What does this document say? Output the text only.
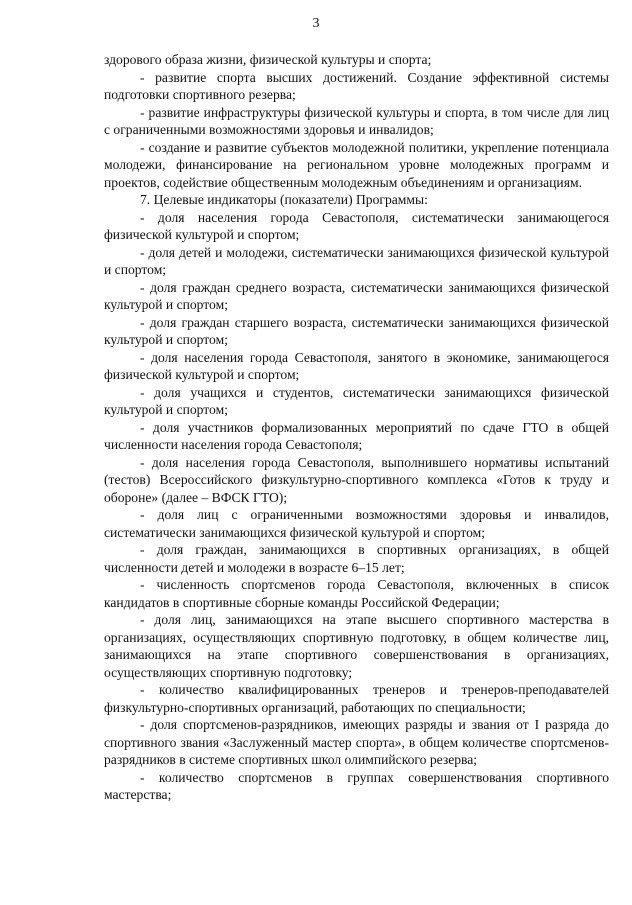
3

здорового образа жизни, физической культуры и спорта;

- развитие спорта высших достижений. Создание эффективной системы подготовки спортивного резерва;

- развитие инфраструктуры физической культуры и спорта, в том числе для лиц с ограниченными возможностями здоровья и инвалидов;

- создание и развитие субъектов молодежной политики, укрепление потенциала молодежи, финансирование на региональном уровне молодежных программ и проектов, содействие общественным молодежным объединениям и организациям.

7. Целевые индикаторы (показатели) Программы:

- доля населения города Севастополя, систематически занимающегося физической культурой и спортом;

- доля детей и молодежи, систематически занимающихся физической культурой и спортом;

- доля граждан среднего возраста, систематически занимающихся физической культурой и спортом;

- доля граждан старшего возраста, систематически занимающихся физической культурой и спортом;

- доля населения города Севастополя, занятого в экономике, занимающегося физической культурой и спортом;

- доля учащихся и студентов, систематически занимающихся физической культурой и спортом;

- доля участников формализованных мероприятий по сдаче ГТО в общей численности населения города Севастополя;

- доля населения города Севастополя, выполнившего нормативы испытаний (тестов) Всероссийского физкультурно-спортивного комплекса «Готов к труду и обороне» (далее – ВФСК ГТО);

- доля лиц с ограниченными возможностями здоровья и инвалидов, систематически занимающихся физической культурой и спортом;

- доля граждан, занимающихся в спортивных организациях, в общей численности детей и молодежи в возрасте 6–15 лет;

- численность спортсменов города Севастополя, включенных в список кандидатов в спортивные сборные команды Российской Федерации;

- доля лиц, занимающихся на этапе высшего спортивного мастерства в организациях, осуществляющих спортивную подготовку, в общем количестве лиц, занимающихся на этапе спортивного совершенствования в организациях, осуществляющих спортивную подготовку;

- количество квалифицированных тренеров и тренеров-преподавателей физкультурно-спортивных организаций, работающих по специальности;

- доля спортсменов-разрядников, имеющих разряды и звания от I разряда до спортивного звания «Заслуженный мастер спорта», в общем количестве спортсменов-разрядников в системе спортивных школ олимпийского резерва;

- количество спортсменов в группах совершенствования спортивного мастерства;
